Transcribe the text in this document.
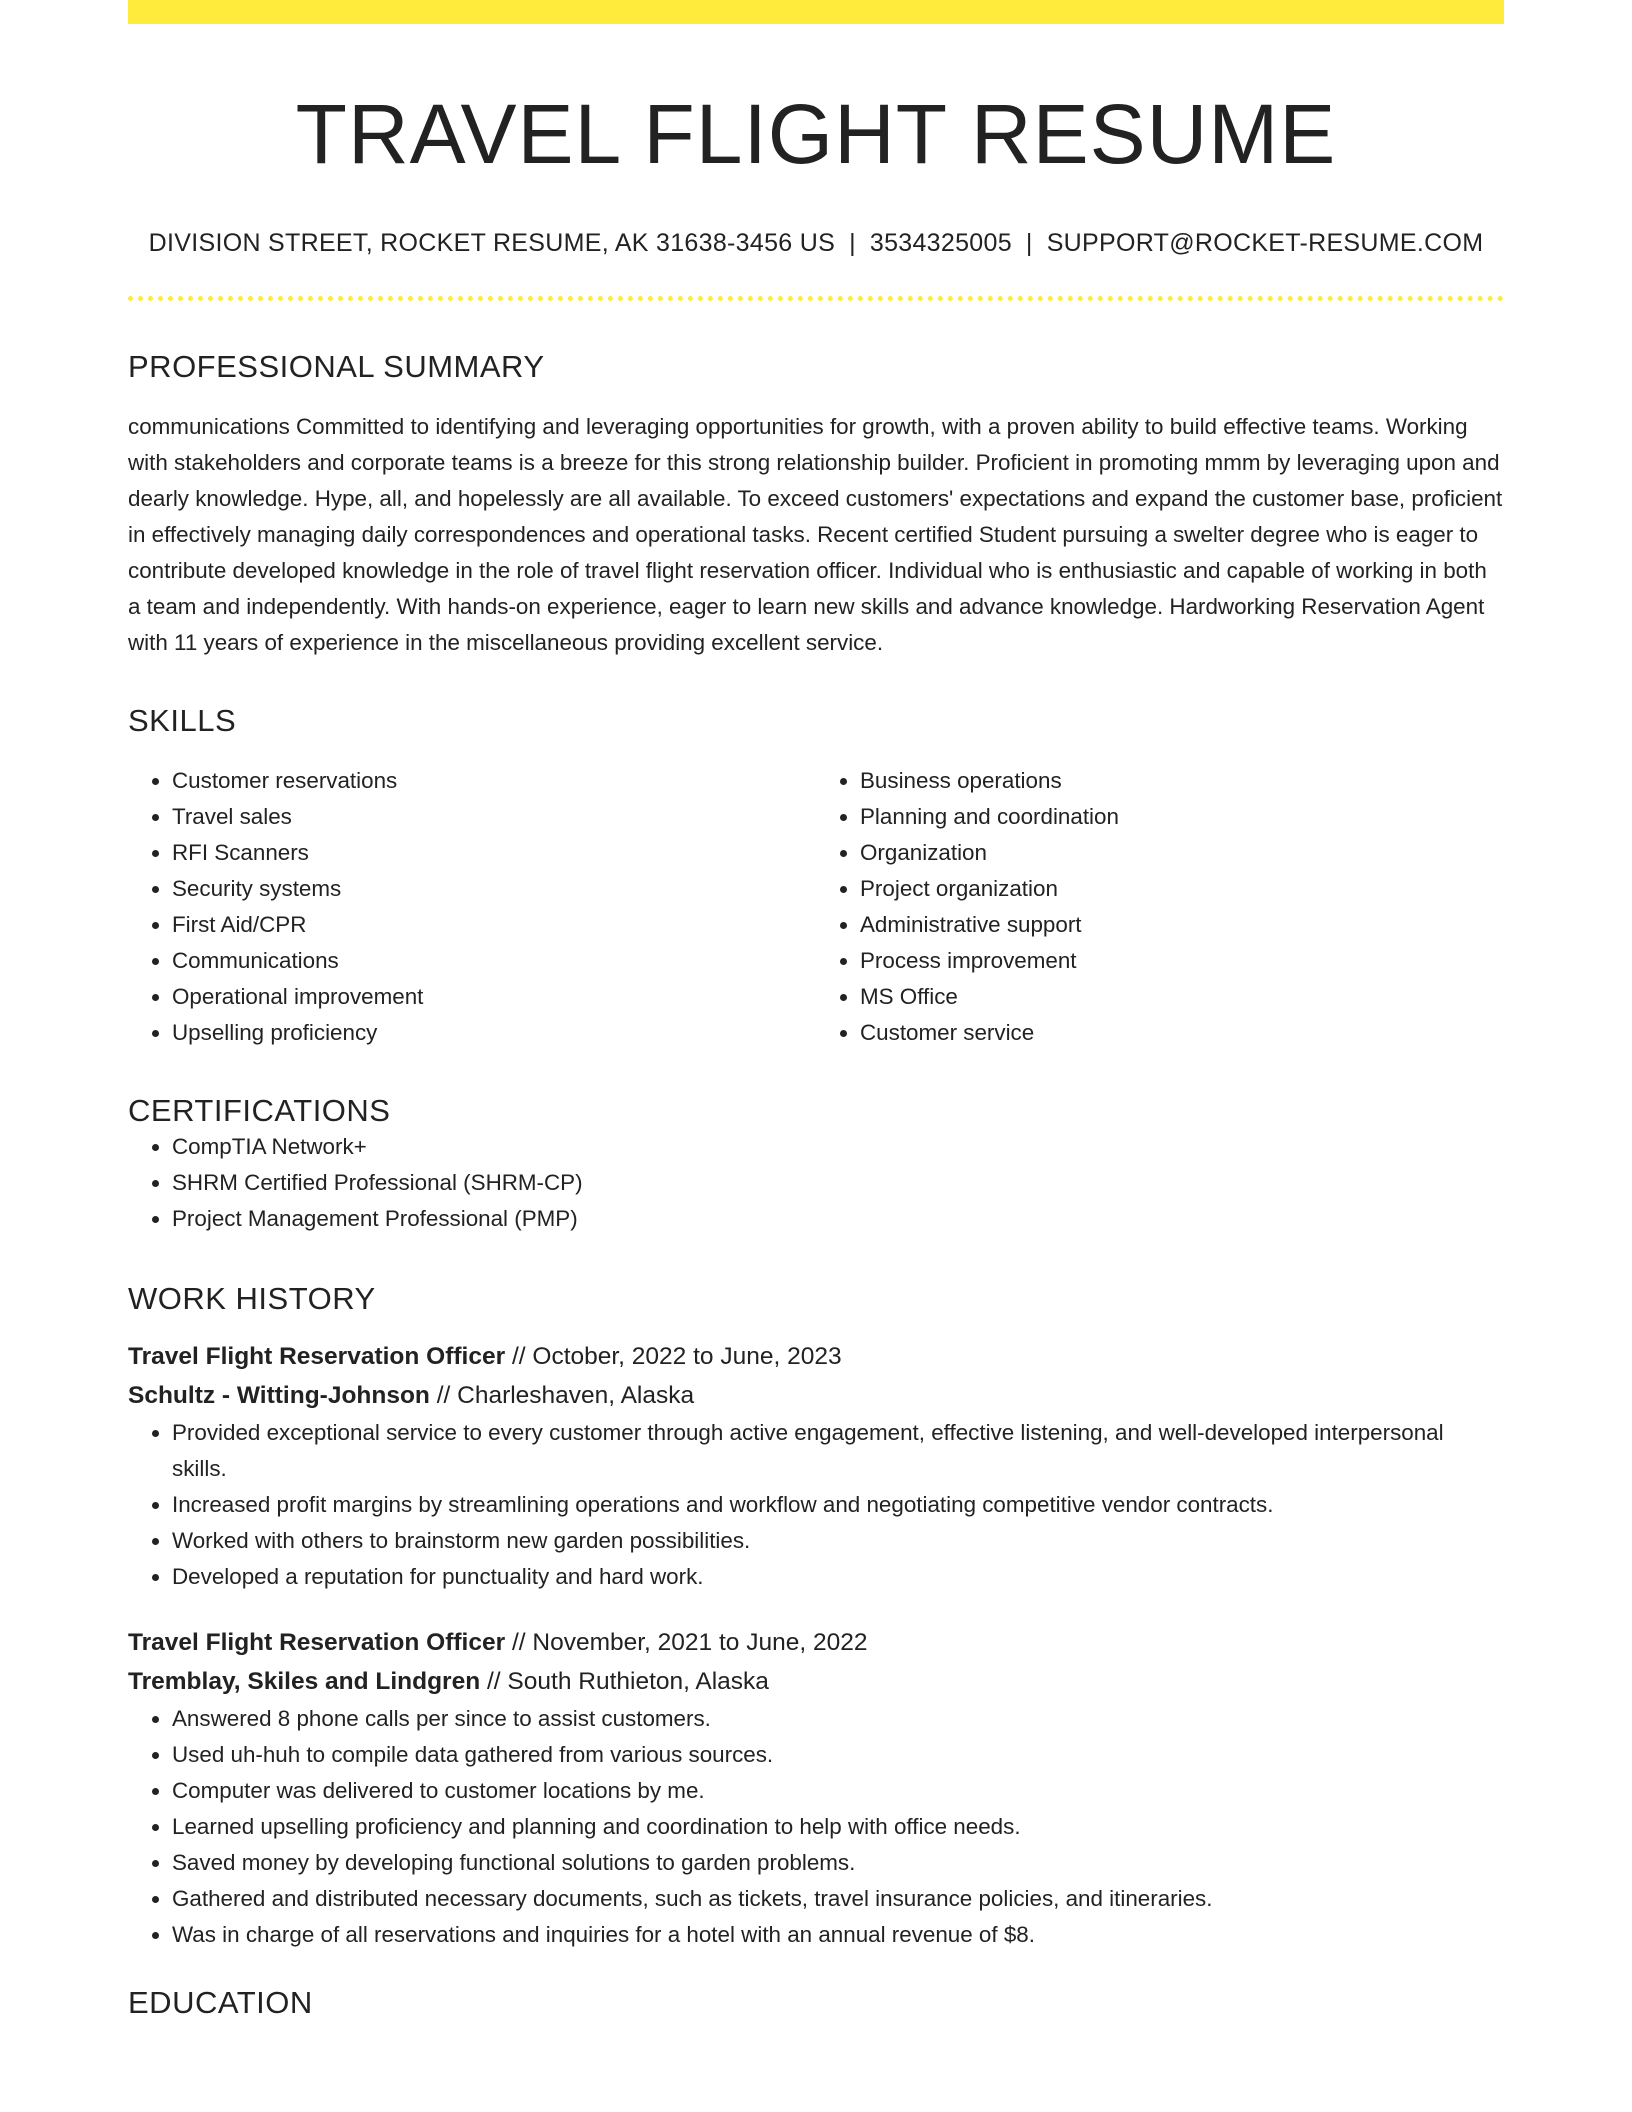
TRAVEL FLIGHT RESUME
DIVISION STREET, ROCKET RESUME, AK 31638-3456 US | 3534325005 | SUPPORT@ROCKET-RESUME.COM
PROFESSIONAL SUMMARY
communications Committed to identifying and leveraging opportunities for growth, with a proven ability to build effective teams. Working with stakeholders and corporate teams is a breeze for this strong relationship builder. Proficient in promoting mmm by leveraging upon and dearly knowledge. Hype, all, and hopelessly are all available. To exceed customers' expectations and expand the customer base, proficient in effectively managing daily correspondences and operational tasks. Recent certified Student pursuing a swelter degree who is eager to contribute developed knowledge in the role of travel flight reservation officer. Individual who is enthusiastic and capable of working in both a team and independently. With hands-on experience, eager to learn new skills and advance knowledge. Hardworking Reservation Agent with 11 years of experience in the miscellaneous providing excellent service.
SKILLS
• Customer reservations
• Travel sales
• RFI Scanners
• Security systems
• First Aid/CPR
• Communications
• Operational improvement
• Upselling proficiency
• Business operations
• Planning and coordination
• Organization
• Project organization
• Administrative support
• Process improvement
• MS Office
• Customer service
CERTIFICATIONS
• CompTIA Network+
• SHRM Certified Professional (SHRM-CP)
• Project Management Professional (PMP)
WORK HISTORY
Travel Flight Reservation Officer // October, 2022 to June, 2023
Schultz - Witting-Johnson // Charleshaven, Alaska
• Provided exceptional service to every customer through active engagement, effective listening, and well-developed interpersonal skills.
• Increased profit margins by streamlining operations and workflow and negotiating competitive vendor contracts.
• Worked with others to brainstorm new garden possibilities.
• Developed a reputation for punctuality and hard work.
Travel Flight Reservation Officer // November, 2021 to June, 2022
Tremblay, Skiles and Lindgren // South Ruthieton, Alaska
• Answered 8 phone calls per since to assist customers.
• Used uh-huh to compile data gathered from various sources.
• Computer was delivered to customer locations by me.
• Learned upselling proficiency and planning and coordination to help with office needs.
• Saved money by developing functional solutions to garden problems.
• Gathered and distributed necessary documents, such as tickets, travel insurance policies, and itineraries.
• Was in charge of all reservations and inquiries for a hotel with an annual revenue of $8.
EDUCATION
